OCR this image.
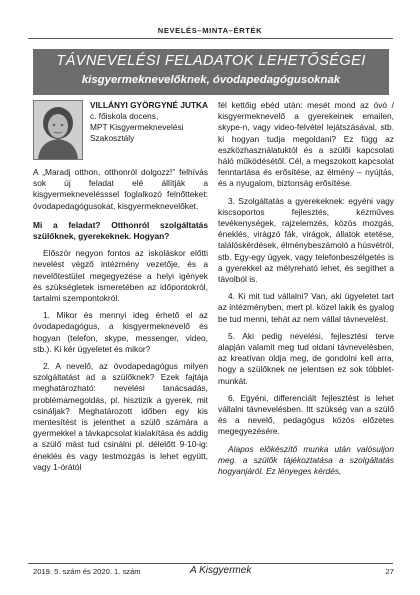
NEVELÉS–MINTA–ÉRTÉK
TÁVNEVELÉSI FELADATOK LEHETŐSÉGEI
kisgyermeknevelőknek, óvodapedagógusoknak
VILLÁNYI GYÖRGYNÉ JUTKA
c. főiskola docens,
MPT Kisgyermeknevelési
Szakosztály

A „Maradj otthon, otthonról dolgozz!” felhívás sok új feladat elé állítják a kisgyermeknevelésssel foglalkozó felnőtteket: óvodapedagógusokat, kisgyermeknevelőket.

Mi a feladat? Otthonról szolgáltatás szülőknek, gyerekeknek. Hogyan?

Először negyon fontos az iskoláskor előtti nevelést végző intézmény vezetője, és a nevelőtestület megegyezése a helyi igények és szükségletek ismeretében az időpontokról, tartalmi szempontokról.

1. Mikor és mennyi ideg érhető el az óvodapedagógus, a kisgyermeknevelő és hogyan (telefon, skype, messenger, video, stb.). Ki kér ügyeletet és mikor?

2. A nevelő, az óvodapedagógus milyen szolgáltatást ad a szülőknek? Ezek fajtája meghatározható: nevelési tanácsadás, problémamegoldás, pl. hisztizik a gyerek, mit csináljak? Meghatározott időben egy kis mentesítést is jelenthet a szülő számára a gyermekkel a távkapcsolat kialakítása és addig a szülő mást tud csinálni pl. délelőtt 9-10-ig: éneklés és vagy testmozgás is lehet együtt, vagy 1-órától

fél kettőig ebéd után: mesét mond az óvó / kisgyermeknevelő a gyerekeinek emailen, skype-n, vagy video-felvétel lejátszásával, stb. ki hogyan tudja megoldani? Ez függ az eszközhasználatuktól és a szülői kapcsolati háló működésétől. Cél, a megszokott kapcsolat fenntartása és erősítése, az élmény – nyújtás, és a nyugalom, biztonság erősítése.

3. Szolgáltatás a gyerekeknek: egyéni vagy kiscsoportos fejlesztés, kézműves tevékenységek, rajzelemzés, közös mozgás, éneklés, virágzó fák, virágok, állatok etetése, találóskérdések, élménybeszámoló a húsvétról, stb. Egy-egy ügyek, vagy telefonbeszélgetés is a gyerekkel az mélyreható lehet, és segíthet a távolból is.

4. Ki mit tud vállalni? Van, aki ügyeletet tart az intézményben, mert pl. közel lakik és gyalog be tud menni, tehát az nem vállal távnevelést.

5. Aki pedig nevelési, fejlesztési terve alapján valamit meg tud oldani távnevelésben, az kreatívan oldja meg, de gondolni kell arra, hogy a szülőknek ne jelentsen ez sok többlet-munkát.

6. Egyéni, differenciált fejlesztést is lehet vállalni távnevelésben. Itt szükség van a szülő és a nevelő, pedagógus közös előzetes megegyezésére.

Alapos előkészítő munka után valósuljon meg. a szülők tájékoztatása a szolgáltatás hogyanjáról. Ez lényeges kérdés,

2019. 5. szám és 2020. 1. szám	A Kisgyermek	27
